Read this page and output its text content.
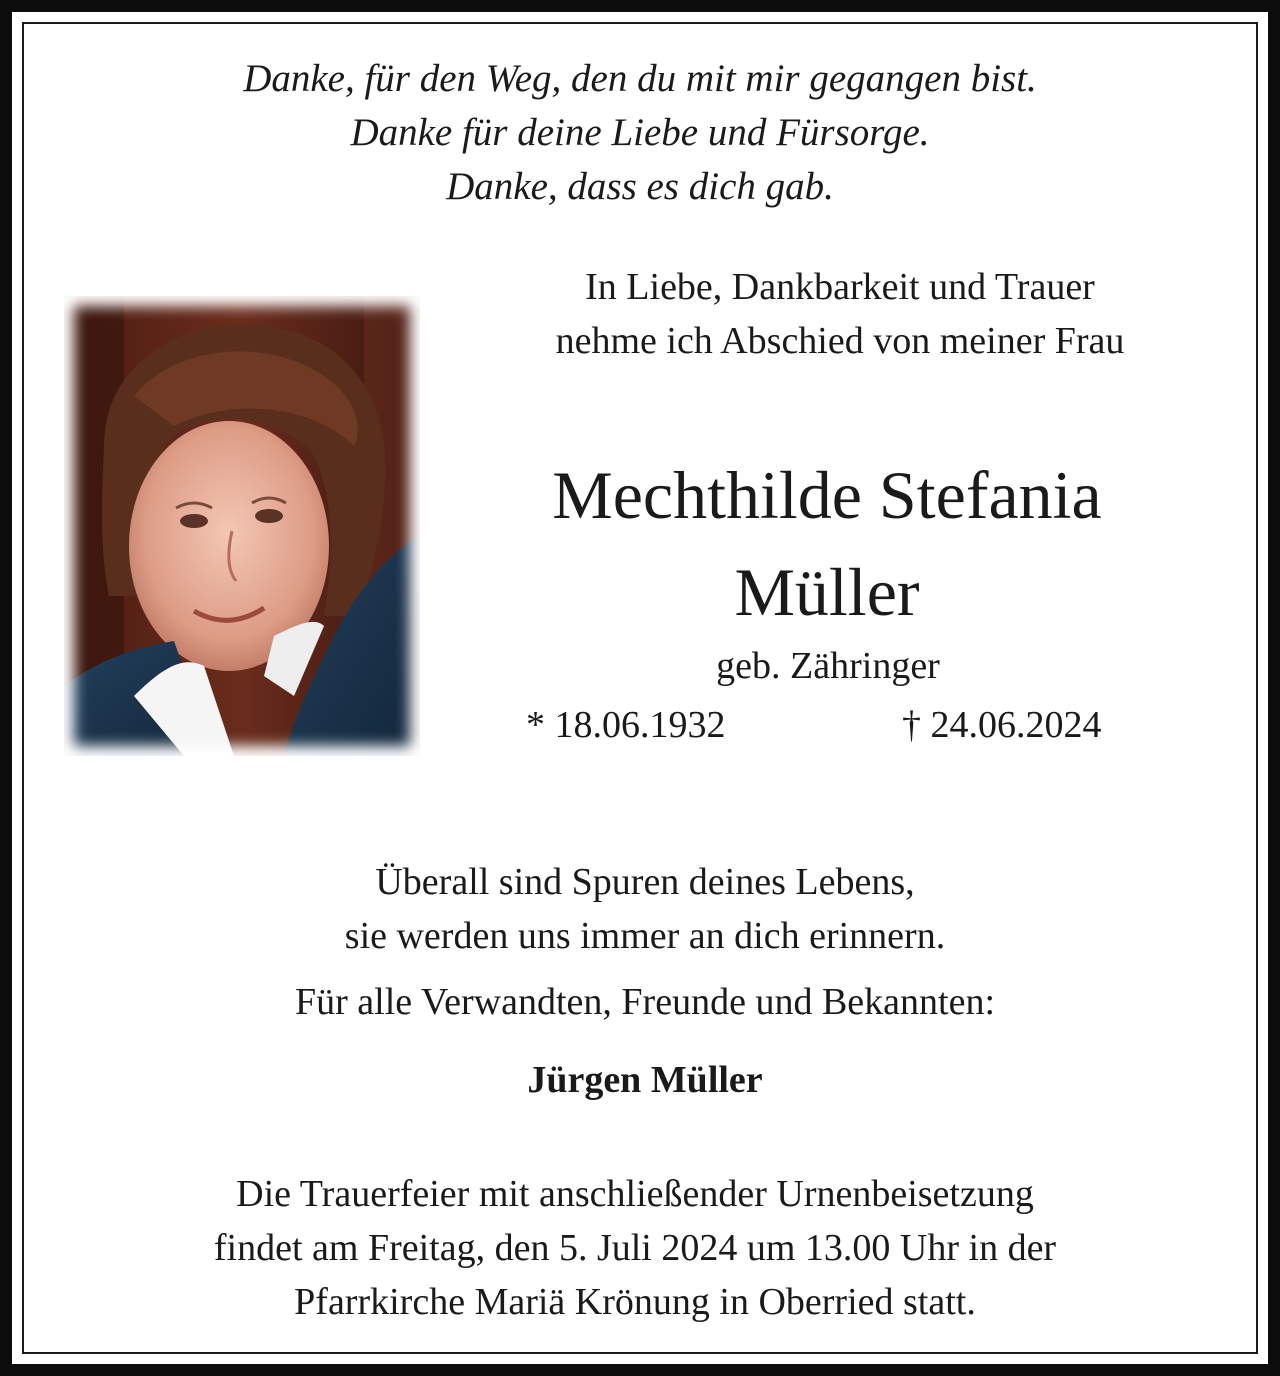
Danke, für den Weg, den du mit mir gegangen bist.
Danke für deine Liebe und Fürsorge.
Danke, dass es dich gab.
In Liebe, Dankbarkeit und Trauer
nehme ich Abschied von meiner Frau
Mechthilde Stefania
Müller
geb. Zähringer
* 18.06.1932	† 24.06.2024
Überall sind Spuren deines Lebens,
sie werden uns immer an dich erinnern.
Für alle Verwandten, Freunde und Bekannten:
Jürgen Müller
Die Trauerfeier mit anschließender Urnenbeisetzung
findet am Freitag, den 5. Juli 2024 um 13.00 Uhr in der
Pfarrkirche Mariä Krönung in Oberried statt.
